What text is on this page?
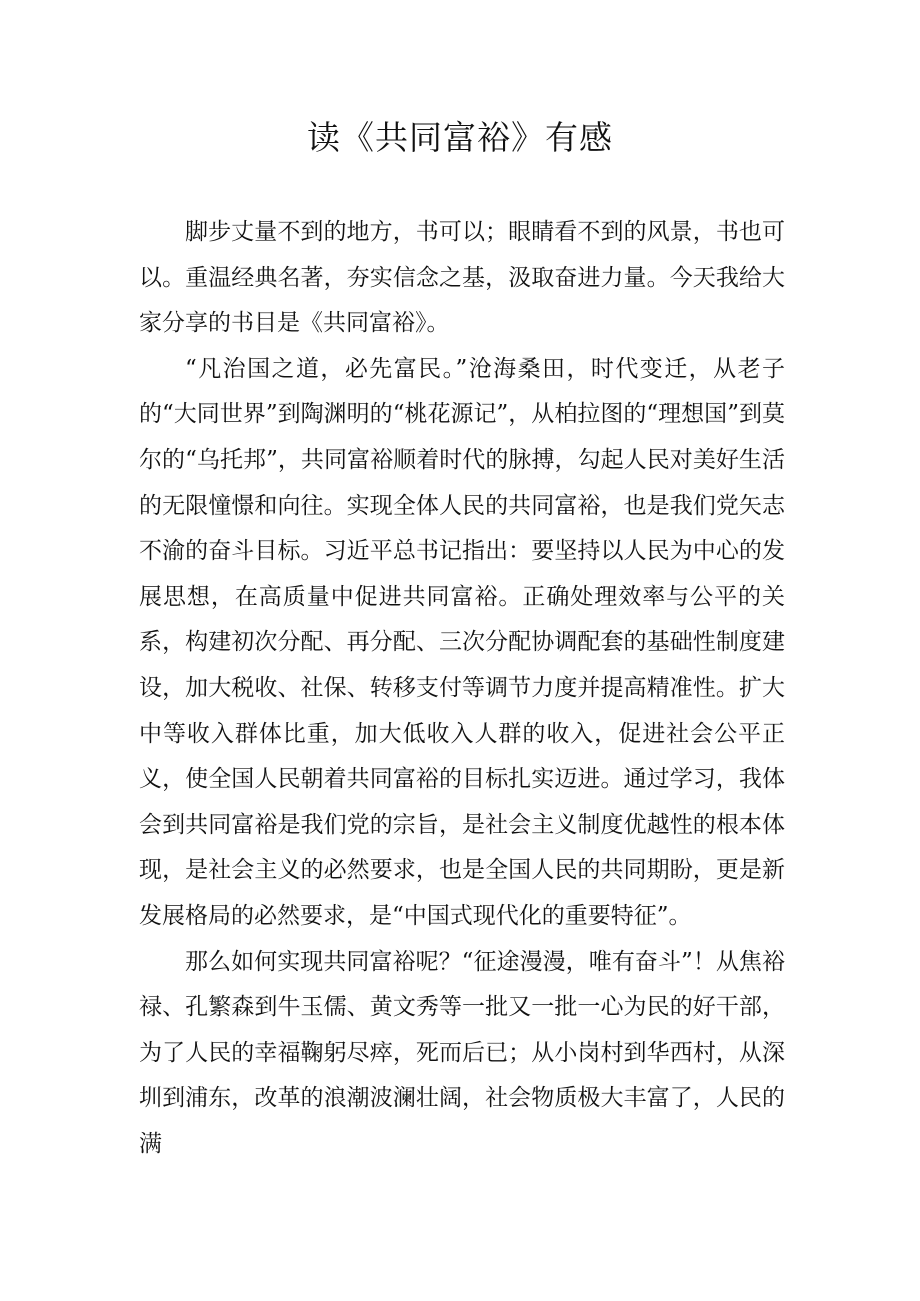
读《共同富裕》有感

脚步丈量不到的地方，书可以；眼睛看不到的风景，书也可以。重温经典名著，夯实信念之基，汲取奋进力量。今天我给大家分享的书目是《共同富裕》。

“凡治国之道，必先富民。”沧海桑田，时代变迁，从老子的“大同世界”到陶渊明的“桃花源记”，从柏拉图的“理想国”到莫尔的“乌托邦”，共同富裕顺着时代的脉搏，勾起人民对美好生活的无限憧憬和向往。实现全体人民的共同富裕，也是我们党矢志不渝的奋斗目标。习近平总书记指出：要坚持以人民为中心的发展思想，在高质量中促进共同富裕。正确处理效率与公平的关系，构建初次分配、再分配、三次分配协调配套的基础性制度建设，加大税收、社保、转移支付等调节力度并提高精准性。扩大中等收入群体比重，加大低收入人群的收入，促进社会公平正义，使全国人民朝着共同富裕的目标扎实迈进。通过学习，我体会到共同富裕是我们党的宗旨，是社会主义制度优越性的根本体现，是社会主义的必然要求，也是全国人民的共同期盼，更是新发展格局的必然要求，是“中国式现代化的重要特征”。

那么如何实现共同富裕呢？“征途漫漫，唯有奋斗”！从焦裕禄、孔繁森到牛玉儒、黄文秀等一批又一批一心为民的好干部，为了人民的幸福鞠躬尽瘁，死而后已；从小岗村到华西村，从深圳到浦东，改革的浪潮波澜壮阔，社会物质极大丰富了，人民的满
